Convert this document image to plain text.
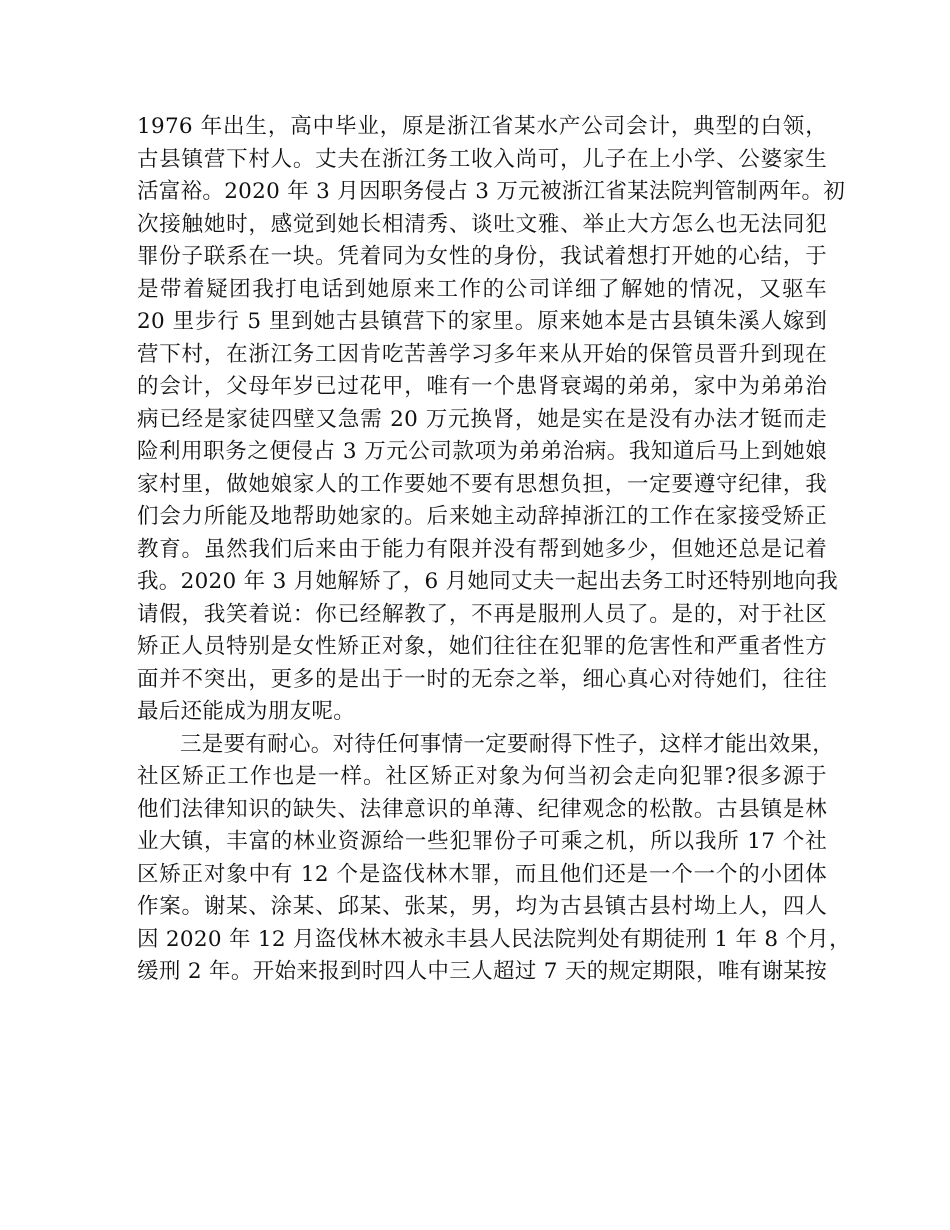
1976 年出生，高中毕业，原是浙江省某水产公司会计，典型的白领，
古县镇营下村人。丈夫在浙江务工收入尚可，儿子在上小学、公婆家生
活富裕。2020 年 3 月因职务侵占 3 万元被浙江省某法院判管制两年。初
次接触她时，感觉到她长相清秀、谈吐文雅、举止大方怎么也无法同犯
罪份子联系在一块。凭着同为女性的身份，我试着想打开她的心结，于
是带着疑团我打电话到她原来工作的公司详细了解她的情况，又驱车
20 里步行 5 里到她古县镇营下的家里。原来她本是古县镇朱溪人嫁到
营下村，在浙江务工因肯吃苦善学习多年来从开始的保管员晋升到现在
的会计，父母年岁已过花甲，唯有一个患肾衰竭的弟弟，家中为弟弟治
病已经是家徒四壁又急需 20 万元换肾，她是实在是没有办法才铤而走
险利用职务之便侵占 3 万元公司款项为弟弟治病。我知道后马上到她娘
家村里，做她娘家人的工作要她不要有思想负担，一定要遵守纪律，我
们会力所能及地帮助她家的。后来她主动辞掉浙江的工作在家接受矫正
教育。虽然我们后来由于能力有限并没有帮到她多少，但她还总是记着
我。2020 年 3 月她解矫了，6 月她同丈夫一起出去务工时还特别地向我
请假，我笑着说：你已经解教了，不再是服刑人员了。是的，对于社区
矫正人员特别是女性矫正对象，她们往往在犯罪的危害性和严重者性方
面并不突出，更多的是出于一时的无奈之举，细心真心对待她们，往往
最后还能成为朋友呢。
三是要有耐心。对待任何事情一定要耐得下性子，这样才能出效果，
社区矫正工作也是一样。社区矫正对象为何当初会走向犯罪?很多源于
他们法律知识的缺失、法律意识的单薄、纪律观念的松散。古县镇是林
业大镇，丰富的林业资源给一些犯罪份子可乘之机，所以我所 17 个社
区矫正对象中有 12 个是盗伐林木罪，而且他们还是一个一个的小团体
作案。谢某、涂某、邱某、张某，男，均为古县镇古县村坳上人，四人
因 2020 年 12 月盗伐林木被永丰县人民法院判处有期徒刑 1 年 8 个月，
缓刑 2 年。开始来报到时四人中三人超过 7 天的规定期限，唯有谢某按
